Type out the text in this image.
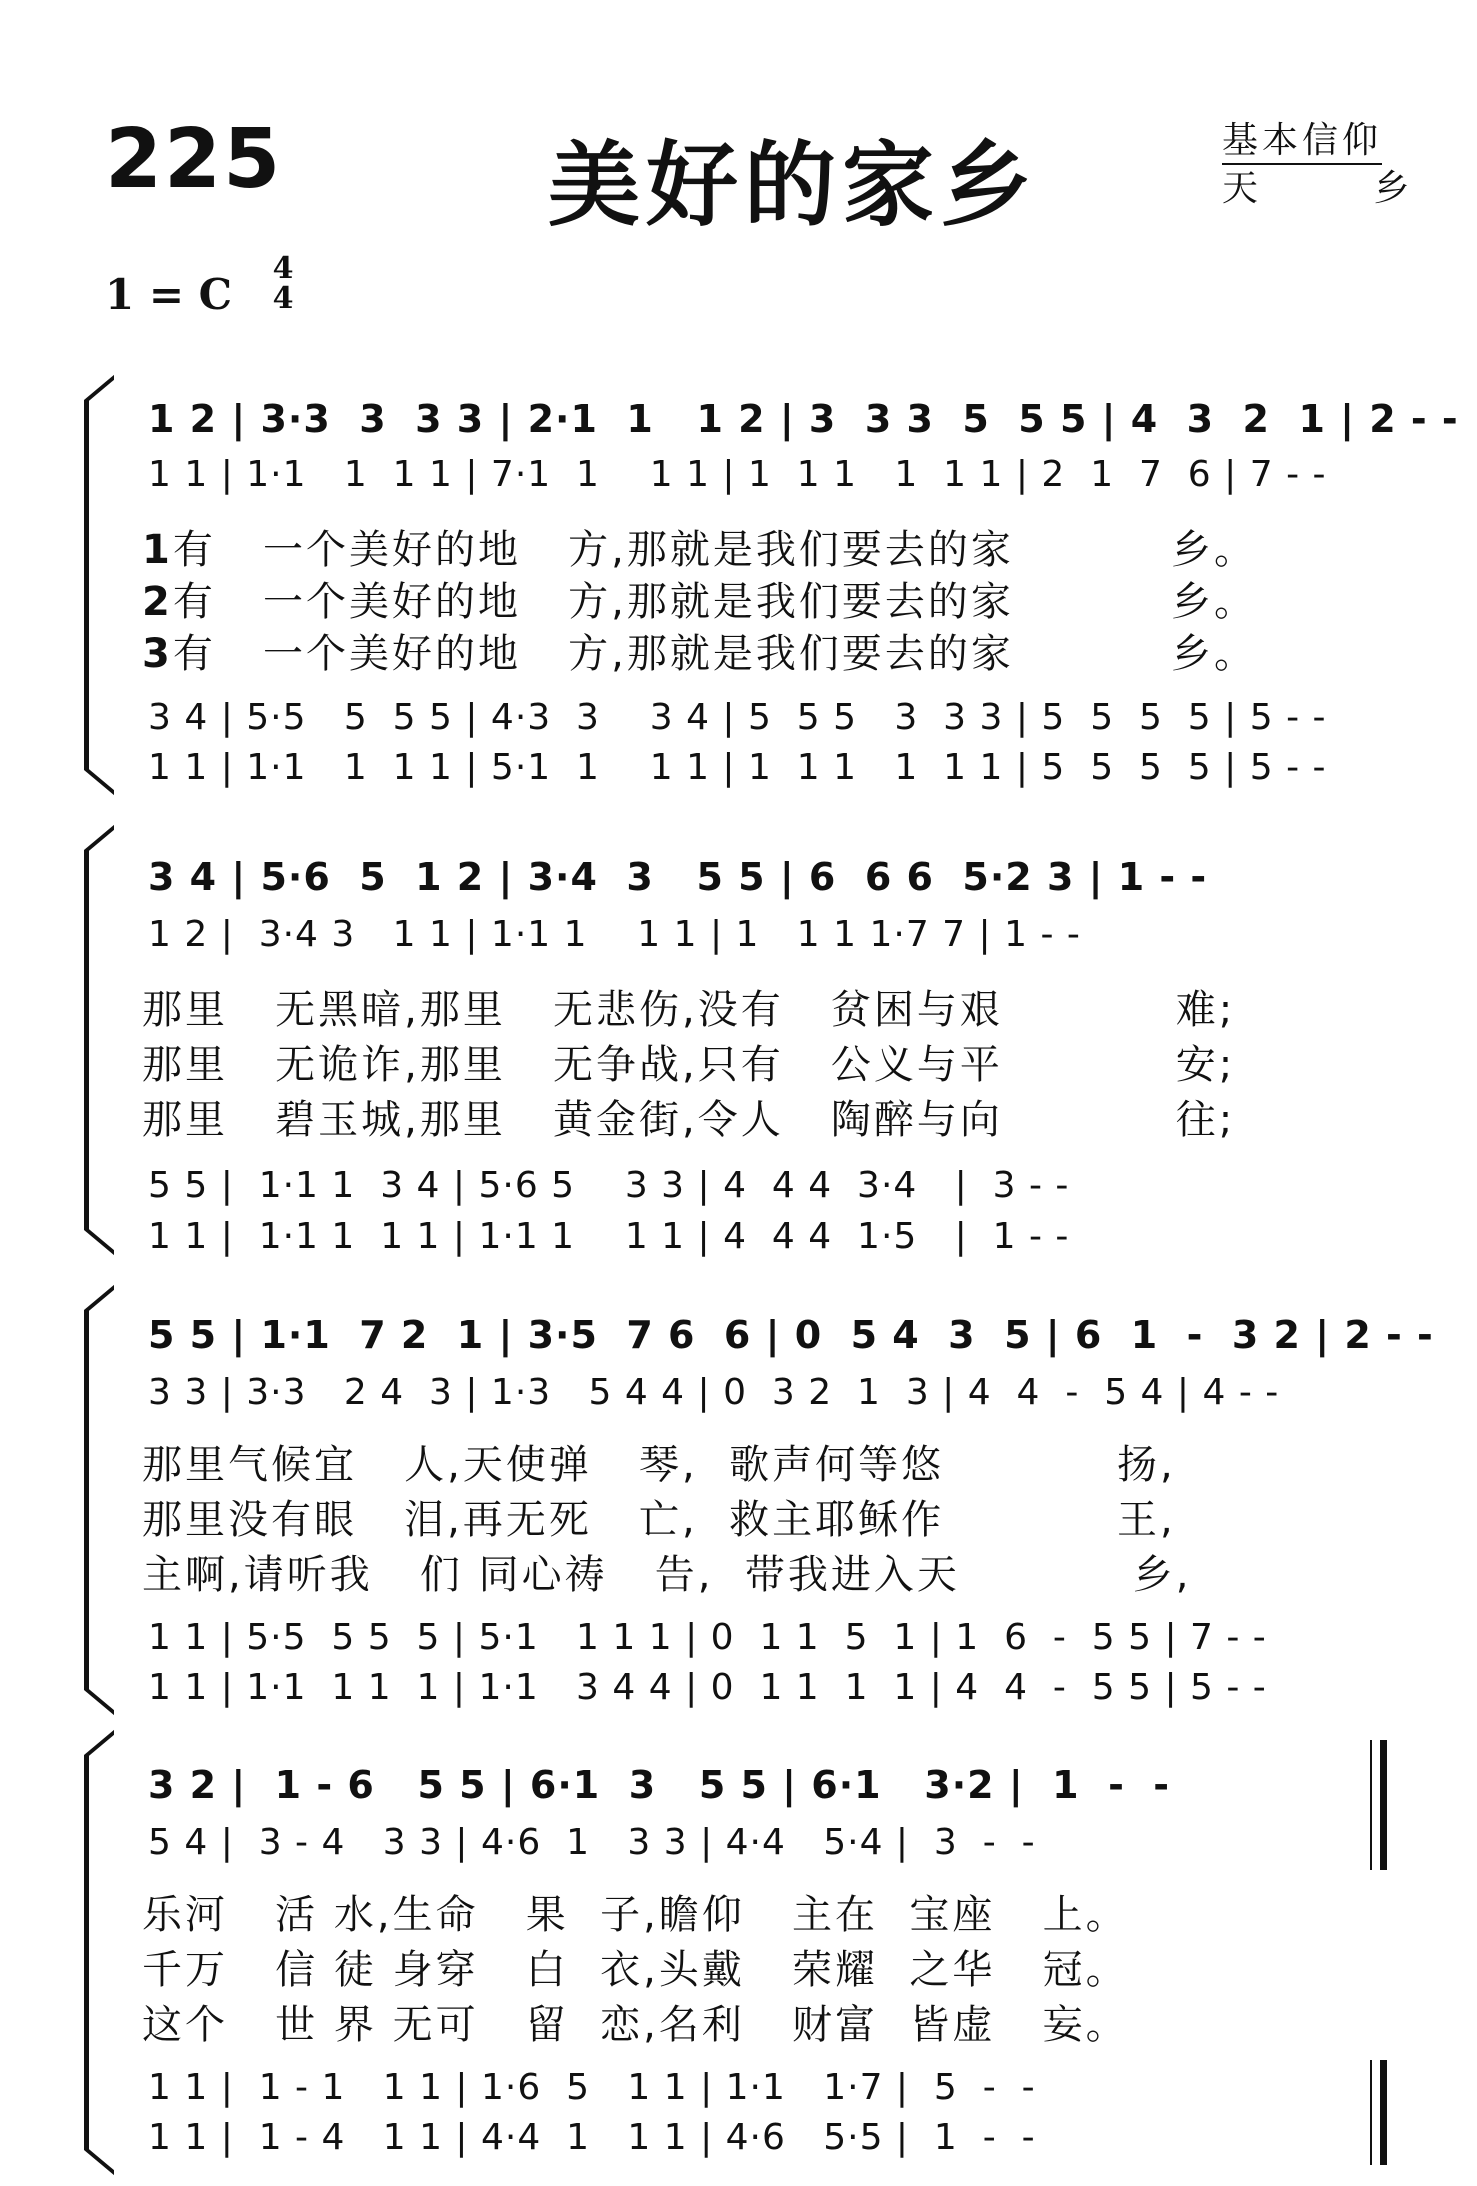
225	美好的家乡	基本信仰
天 乡
1 = C
4
4
1 2 | 3·3  3  3 3 | 2·1  1   1 2 | 3  3 3  5  5 5 | 4  3  2  1 | 2 - -
1 1 | 1·1   1  1 1 | 7·1  1    1 1 | 1  1 1   1  1 1 | 2  1  7  6 | 7 - -
1有   一个美好的地   方,那就是我们要去的家          乡。
2有   一个美好的地   方,那就是我们要去的家          乡。
3有   一个美好的地   方,那就是我们要去的家          乡。
3 4 | 5·5   5  5 5 | 4·3  3    3 4 | 5  5 5   3  3 3 | 5  5  5  5 | 5 - -
1 1 | 1·1   1  1 1 | 5·1  1    1 1 | 1  1 1   1  1 1 | 5  5  5  5 | 5 - -
3 4 | 5·6  5  1 2 | 3·4  3   5 5 | 6  6 6  5·2 3 | 1 - -
1 2 |  3·4 3   1 1 | 1·1 1    1 1 | 1   1 1 1·7 7 | 1 - -
那里   无黑暗,那里   无悲伤,没有   贫困与艰           难;
那里   无诡诈,那里   无争战,只有   公义与平           安;
那里   碧玉城,那里   黄金街,令人   陶醉与向           往;
5 5 |  1·1 1  3 4 | 5·6 5    3 3 | 4  4 4  3·4   |  3 - -
1 1 |  1·1 1  1 1 | 1·1 1    1 1 | 4  4 4  1·5   |  1 - -
5 5 | 1·1  7 2  1 | 3·5  7 6  6 | 0  5 4  3  5 | 6  1  -  3 2 | 2 - -
3 3 | 3·3   2 4  3 | 1·3   5 4 4 | 0  3 2  1  3 | 4  4  -  5 4 | 4 - -
那里气候宜   人,天使弹   琴,  歌声何等悠           扬,
那里没有眼   泪,再无死   亡,  救主耶稣作           王,
主啊,请听我   们 同心祷   告,  带我进入天           乡,
1 1 | 5·5  5 5  5 | 5·1   1 1 1 | 0  1 1  5  1 | 1  6  -  5 5 | 7 - -
1 1 | 1·1  1 1  1 | 1·1   3 4 4 | 0  1 1  1  1 | 4  4  -  5 5 | 5 - -
3 2 |  1 - 6   5 5 | 6·1  3   5 5 | 6·1   3·2 |  1  -  -
5 4 |  3 - 4   3 3 | 4·6  1   3 3 | 4·4   5·4 |  3  -  -
乐河   活 水,生命   果  子,瞻仰   主在  宝座   上。
千万   信 徒 身穿   白  衣,头戴   荣耀  之华   冠。
这个   世 界 无可   留  恋,名利   财富  皆虚   妄。
1 1 |  1 - 1   1 1 | 1·6  5   1 1 | 1·1   1·7 |  5  -  -
1 1 |  1 - 4   1 1 | 4·4  1   1 1 | 4·6   5·5 |  1  -  -
